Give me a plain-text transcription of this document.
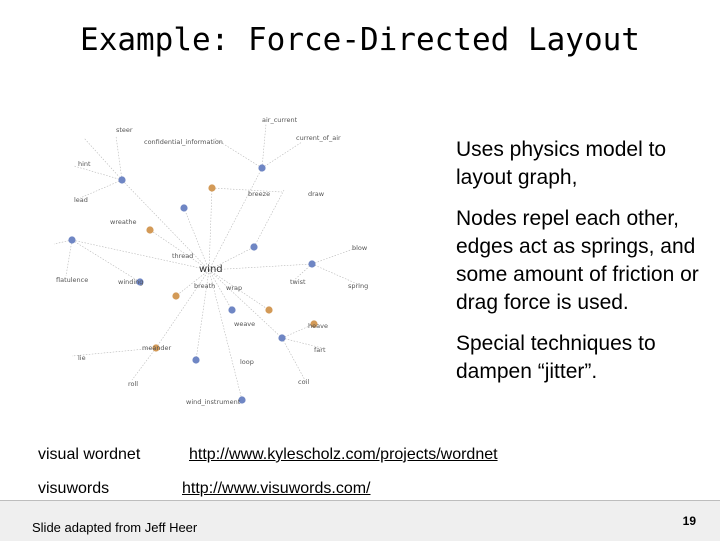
Example: Force-Directed Layout
wind
steer
air_current
current_of_air
confidential_information
lead
wreathe
breeze
thread
draw
blow
flatulence
wind_instrument
winding
meander	fart
twist	spring
coil
loop
heave
hint
wrap
lie
weave
roll
breath

Uses physics model to layout graph,

Nodes repel each other, edges act as springs, and some amount of friction or drag force is used.

Special techniques to dampen “jitter”.

visual wordnet	http://www.kylescholz.com/projects/wordnet
visuwords	http://www.visuwords.com/
Slide adapted from Jeff Heer	19
